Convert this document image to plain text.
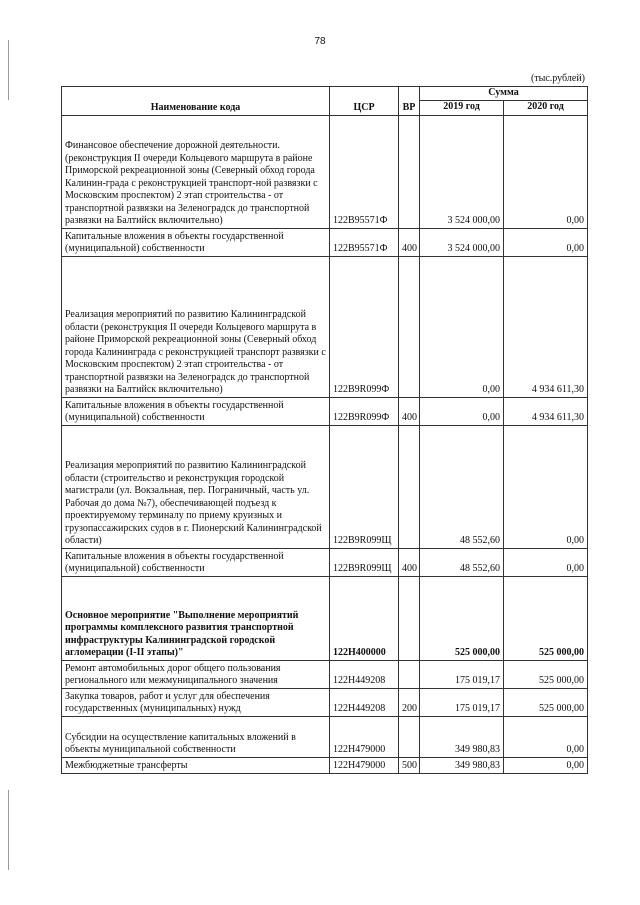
78
(тыс.рублей)
Наименование кода	ЦСР	ВР	Сумма	
			2019 год	2020 год
Финансовое обеспечение дорожной деятельности. (реконструкция II очереди Кольцевого маршрута в районе Приморской рекреационной зоны (Северный обход города Калинин-града с реконструкцией транспорт-ной развязки с Московским проспектом) 2 этап строительства - от транспортной развязки на Зеленоградск до транспортной развязки на Балтийск включительно)	122B95571Ф		3 524 000,00	0,00
Капитальные вложения в объекты государственной (муниципальной) собственности	122B95571Ф	400	3 524 000,00	0,00
Реализация мероприятий по развитию Калининградской области (реконструкция II очереди Кольцевого маршрута в районе Приморской рекреационной зоны (Северный обход города Калининграда с реконструкцией транспорт развязки с Московским проспектом) 2 этап строительства - от транспортной развязки на Зеленоградск до транспортной развязки на Балтийск включительно)	122B9R099Ф		0,00	4 934 611,30
Капитальные вложения в объекты государственной (муниципальной) собственности	122B9R099Ф	400	0,00	4 934 611,30
Реализация мероприятий по развитию Калининградской области (строительство и реконструкция городской магистрали (ул. Вокзальная, пер. Пограничный, часть ул. Рабочая до дома №7), обеспечивающей подъезд к проектируемому терминалу по приему круизных и грузопассажирских судов в г. Пионерский Калининградской области)	122B9R099Щ		48 552,60	0,00
Капитальные вложения в объекты государственной (муниципальной) собственности	122B9R099Щ	400	48 552,60	0,00
Основное мероприятие "Выполнение мероприятий программы комплексного развития транспортной инфраструктуры Калининградской городской агломерации (I-II этапы)"	122H400000		525 000,00	525 000,00
Ремонт автомобильных дорог общего пользования регионального или межмуниципального значения	122H449208		175 019,17	525 000,00
Закупка товаров, работ и услуг для обеспечения государственных (муниципальных) нужд	122H449208	200	175 019,17	525 000,00
Субсидии на осуществление капитальных вложений в объекты муниципальной собственности	122H479000		349 980,83	0,00
Межбюджетные трансферты	122H479000	500	349 980,83	0,00
